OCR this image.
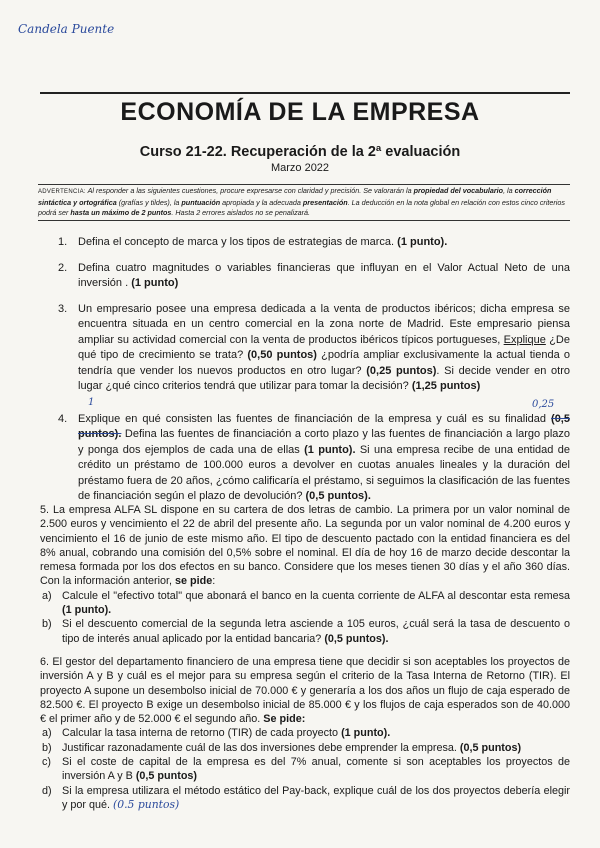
Candela Puente
ECONOMÍA DE LA EMPRESA
Curso 21-22. Recuperación de la 2ª evaluación
Marzo 2022
ADVERTENCIA: Al responder a las siguientes cuestiones, procure expresarse con claridad y precisión. Se valorarán la propiedad del vocabulario, la corrección sintáctica y ortográfica (grafías y tildes), la puntuación apropiada y la adecuada presentación. La deducción en la nota global en relación con estos cinco criterios podrá ser hasta un máximo de 2 puntos. Hasta 2 errores aislados no se penalizará.
1. Defina el concepto de marca y los tipos de estrategias de marca. (1 punto).
2. Defina cuatro magnitudes o variables financieras que influyan en el Valor Actual Neto de una inversión . (1 punto)
3. Un empresario posee una empresa dedicada a la venta de productos ibéricos; dicha empresa se encuentra situada en un centro comercial en la zona norte de Madrid. Este empresario piensa ampliar su actividad comercial con la venta de productos ibéricos típicos portugueses, Explique ¿De qué tipo de crecimiento se trata? (0,50 puntos) ¿podría ampliar exclusivamente la actual tienda o tendría que vender los nuevos productos en otro lugar? (0,25 puntos). Si decide vender en otro lugar ¿qué cinco criterios tendrá que utilizar para tomar la decisión? (1,25 puntos)
0,25
1
4. Explique en qué consisten las fuentes de financiación de la empresa y cuál es su finalidad (0,5 puntos). Defina las fuentes de financiación a corto plazo y las fuentes de financiación a largo plazo y ponga dos ejemplos de cada una de ellas (1 punto). Si una empresa recibe de una entidad de crédito un préstamo de 100.000 euros a devolver en cuotas anuales lineales y la duración del préstamo fuera de 20 años, ¿cómo calificaría el préstamo, si seguimos la clasificación de las fuentes de financiación según el plazo de devolución? (0,5 puntos).
5. La empresa ALFA SL dispone en su cartera de dos letras de cambio. La primera por un valor nominal de 2.500 euros y vencimiento el 22 de abril del presente año. La segunda por un valor nominal de 4.200 euros y vencimiento el 16 de junio de este mismo año. El tipo de descuento pactado con la entidad financiera es del 8% anual, cobrando una comisión del 0,5% sobre el nominal. El día de hoy 16 de marzo decide descontar la remesa formada por los dos efectos en su banco. Considere que los meses tienen 30 días y el año 360 días. Con la información anterior, se pide:
a) Calcule el "efectivo total" que abonará el banco en la cuenta corriente de ALFA al descontar esta remesa (1 punto).
b) Si el descuento comercial de la segunda letra asciende a 105 euros, ¿cuál será la tasa de descuento o tipo de interés anual aplicado por la entidad bancaria? (0,5 puntos).
6. El gestor del departamento financiero de una empresa tiene que decidir si son aceptables los proyectos de inversión A y B y cuál es el mejor para su empresa según el criterio de la Tasa Interna de Retorno (TIR). El proyecto A supone un desembolso inicial de 70.000 € y generaría a los dos años un flujo de caja esperado de 82.500 €. El proyecto B exige un desembolso inicial de 85.000 € y los flujos de caja esperados son de 40.000 € el primer año y de 52.000 € el segundo año. Se pide:
a) Calcular la tasa interna de retorno (TIR) de cada proyecto (1 punto).
b) Justificar razonadamente cuál de las dos inversiones debe emprender la empresa. (0,5 puntos)
c) Si el coste de capital de la empresa es del 7% anual, comente si son aceptables los proyectos de inversión A y B (0,5 puntos)
d) Si la empresa utilizara el método estático del Pay-back, explique cuál de los dos proyectos debería elegir y por qué. (0.5 puntos)
